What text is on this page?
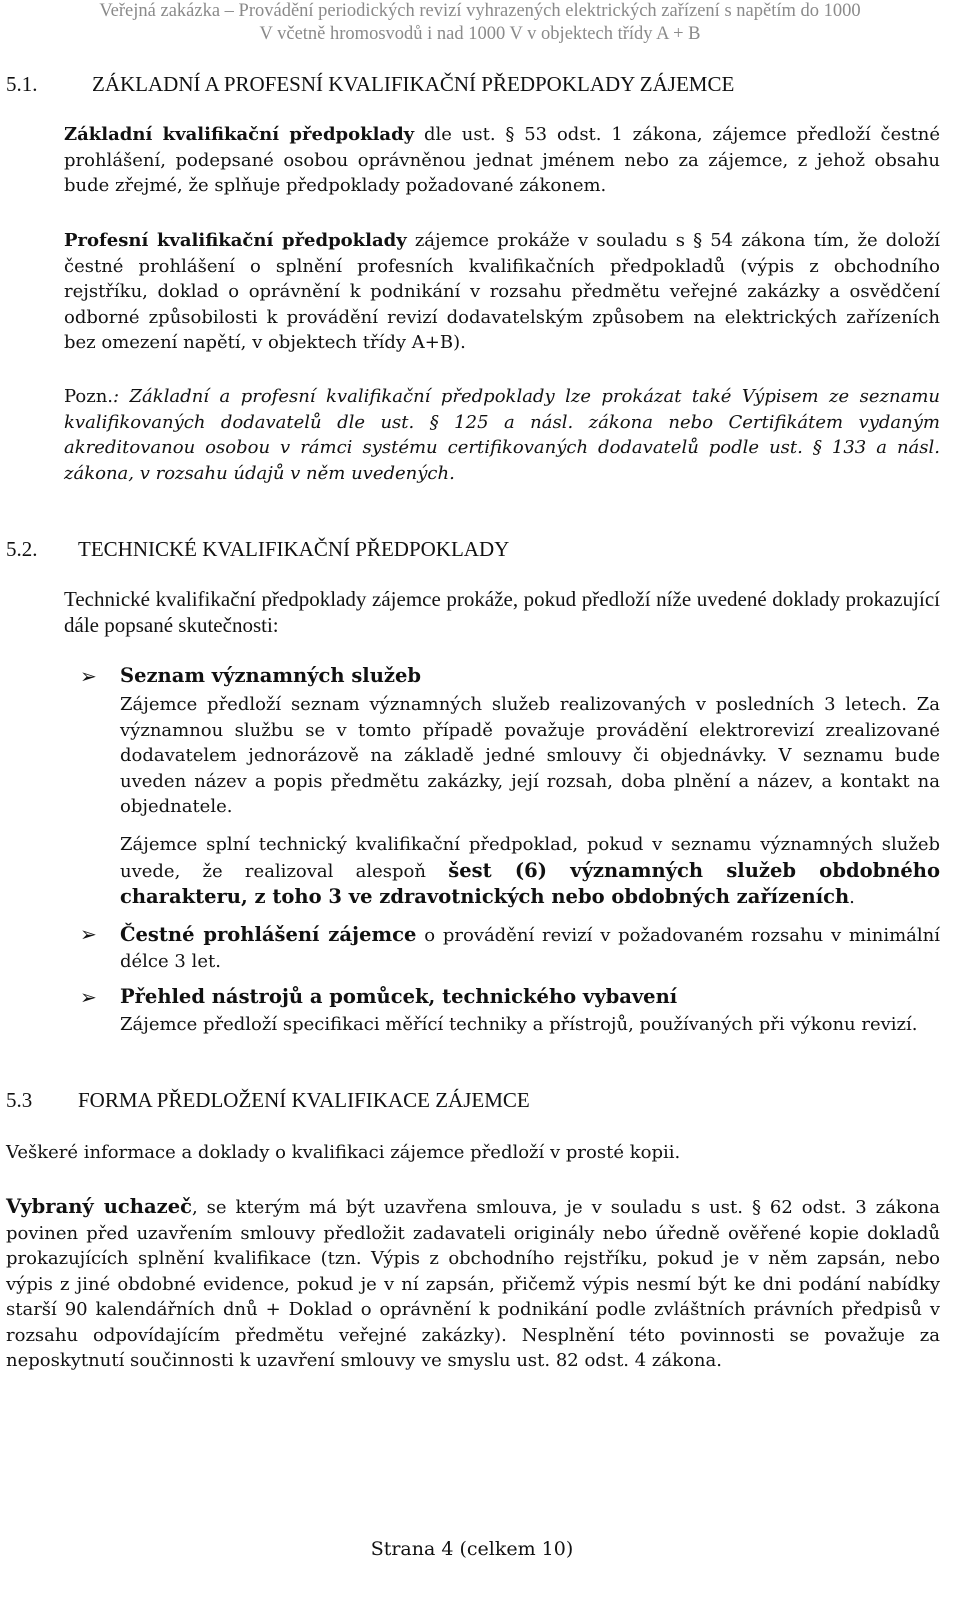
Veřejná zakázka – Provádění periodických revizí vyhrazených elektrických zařízení s napětím do 1000
V včetně hromosvodů i nad 1000 V v objektech třídy A + B
5.1.	ZÁKLADNÍ A PROFESNÍ KVALIFIKAČNÍ PŘEDPOKLADY ZÁJEMCE

Základní kvalifikační předpoklady dle ust. § 53 odst. 1 zákona, zájemce předloží čestné prohlášení, podepsané osobou oprávněnou jednat jménem nebo za zájemce, z jehož obsahu bude zřejmé, že splňuje předpoklady požadované zákonem.

Profesní kvalifikační předpoklady zájemce prokáže v souladu s § 54 zákona tím, že doloží čestné prohlášení o splnění profesních kvalifikačních předpokladů (výpis z obchodního rejstříku, doklad o oprávnění k podnikání v rozsahu předmětu veřejné zakázky a osvědčení odborné způsobilosti k provádění revizí dodavatelským způsobem na elektrických zařízeních bez omezení napětí, v objektech třídy A+B).

Pozn.: Základní a profesní kvalifikační předpoklady lze prokázat také Výpisem ze seznamu kvalifikovaných dodavatelů dle ust. § 125 a násl. zákona nebo Certifikátem vydaným akreditovanou osobou v rámci systému certifikovaných dodavatelů podle ust. § 133 a násl. zákona, v rozsahu údajů v něm uvedených.

5.2. TECHNICKÉ KVALIFIKAČNÍ PŘEDPOKLADY

Technické kvalifikační předpoklady zájemce prokáže, pokud předloží níže uvedené doklady prokazující dále popsané skutečnosti:

➢ Seznam významných služeb

Zájemce předloží seznam významných služeb realizovaných v posledních 3 letech. Za významnou službu se v tomto případě považuje provádění elektrorevizí zrealizované dodavatelem jednorázově na základě jedné smlouvy či objednávky. V seznamu bude uveden název a popis předmětu zakázky, její rozsah, doba plnění a název, a kontakt na objednatele.

Zájemce splní technický kvalifikační předpoklad, pokud v seznamu významných služeb uvede, že realizoval alespoň šest (6) významných služeb obdobného charakteru, z toho 3 ve zdravotnických nebo obdobných zařízeních.

➢ Čestné prohlášení zájemce o provádění revizí v požadovaném rozsahu v minimální délce 3 let.

➢ Přehled nástrojů a pomůcek, technického vybavení

Zájemce předloží specifikaci měřící techniky a přístrojů, používaných při výkonu revizí.

5.3 FORMA PŘEDLOŽENÍ KVALIFIKACE ZÁJEMCE

Veškeré informace a doklady o kvalifikaci zájemce předloží v prosté kopii.

Vybraný uchazeč, se kterým má být uzavřena smlouva, je v souladu s ust. § 62 odst. 3 zákona povinen před uzavřením smlouvy předložit zadavateli originály nebo úředně ověřené kopie dokladů prokazujících splnění kvalifikace (tzn. Výpis z obchodního rejstříku, pokud je v něm zapsán, nebo výpis z jiné obdobné evidence, pokud je v ní zapsán, přičemž výpis nesmí být ke dni podání nabídky starší 90 kalendářních dnů + Doklad o oprávnění k podnikání podle zvláštních právních předpisů v rozsahu odpovídajícím předmětu veřejné zakázky). Nesplnění této povinnosti se považuje za neposkytnutí součinnosti k uzavření smlouvy ve smyslu ust. 82 odst. 4 zákona.

Strana 4 (celkem 10)
